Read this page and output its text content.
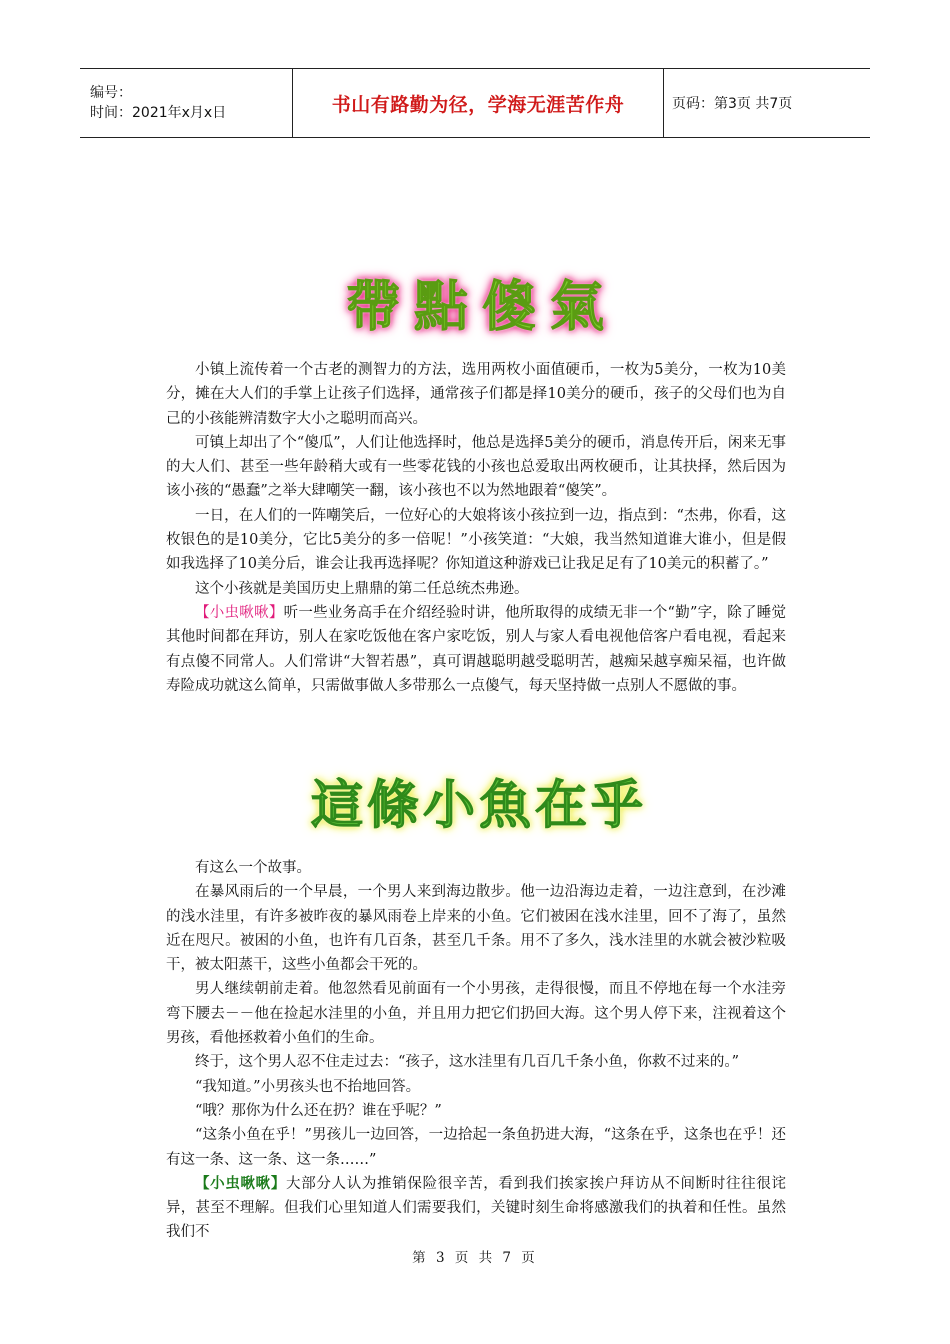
编号：
时间：2021年x月x日	书山有路勤为径，学海无涯苦作舟	页码：第3页 共7页
帶 點 傻 氣

小镇上流传着一个古老的测智力的方法，选用两枚小面值硬币，一枚为5美分，一枚为10美分，摊在大人们的手掌上让孩子们选择，通常孩子们都是择10美分的硬币，孩子的父母们也为自己的小孩能辨清数字大小之聪明而高兴。

可镇上却出了个“傻瓜”，人们让他选择时，他总是选择5美分的硬币，消息传开后，闲来无事的大人们、甚至一些年龄稍大或有一些零花钱的小孩也总爱取出两枚硬币，让其抉择，然后因为该小孩的“愚蠢”之举大肆嘲笑一翻，该小孩也不以为然地跟着“傻笑”。

一日，在人们的一阵嘲笑后，一位好心的大娘将该小孩拉到一边，指点到：“杰弗，你看，这枚银色的是10美分，它比5美分的多一倍呢！”小孩笑道：“大娘，我当然知道谁大谁小，但是假如我选择了10美分后，谁会让我再选择呢？你知道这种游戏已让我足足有了10美元的积蓄了。”

这个小孩就是美国历史上鼎鼎的第二任总统杰弗逊。

【小虫啾啾】听一些业务高手在介绍经验时讲，他所取得的成绩无非一个“勤”字，除了睡觉其他时间都在拜访，别人在家吃饭他在客户家吃饭，别人与家人看电视他倍客户看电视，看起来有点傻不同常人。人们常讲“大智若愚”，真可谓越聪明越受聪明苦，越痴呆越享痴呆福，也许做寿险成功就这么简单，只需做事做人多带那么一点傻气，每天坚持做一点别人不愿做的事。

這 條 小 魚 在 乎

有这么一个故事。

在暴风雨后的一个早晨，一个男人来到海边散步。他一边沿海边走着，一边注意到，在沙滩的浅水洼里，有许多被昨夜的暴风雨卷上岸来的小鱼。它们被困在浅水洼里，回不了海了，虽然近在咫尺。被困的小鱼，也许有几百条，甚至几千条。用不了多久，浅水洼里的水就会被沙粒吸干，被太阳蒸干，这些小鱼都会干死的。

男人继续朝前走着。他忽然看见前面有一个小男孩，走得很慢，而且不停地在每一个水洼旁弯下腰去－－他在捡起水洼里的小鱼，并且用力把它们扔回大海。这个男人停下来，注视着这个男孩，看他拯救着小鱼们的生命。

终于，这个男人忍不住走过去：“孩子，这水洼里有几百几千条小鱼，你救不过来的。”

“我知道。”小男孩头也不抬地回答。

“哦？那你为什么还在扔？谁在乎呢？”

“这条小鱼在乎！”男孩儿一边回答，一边拾起一条鱼扔进大海，“这条在乎，这条也在乎！还有这一条、这一条、这一条……”

【小虫啾啾】大部分人认为推销保险很辛苦，看到我们挨家挨户拜访从不间断时往往很诧异，甚至不理解。但我们心里知道人们需要我们，关键时刻生命将感激我们的执着和任性。虽然我们不

第 3 页 共 7 页
